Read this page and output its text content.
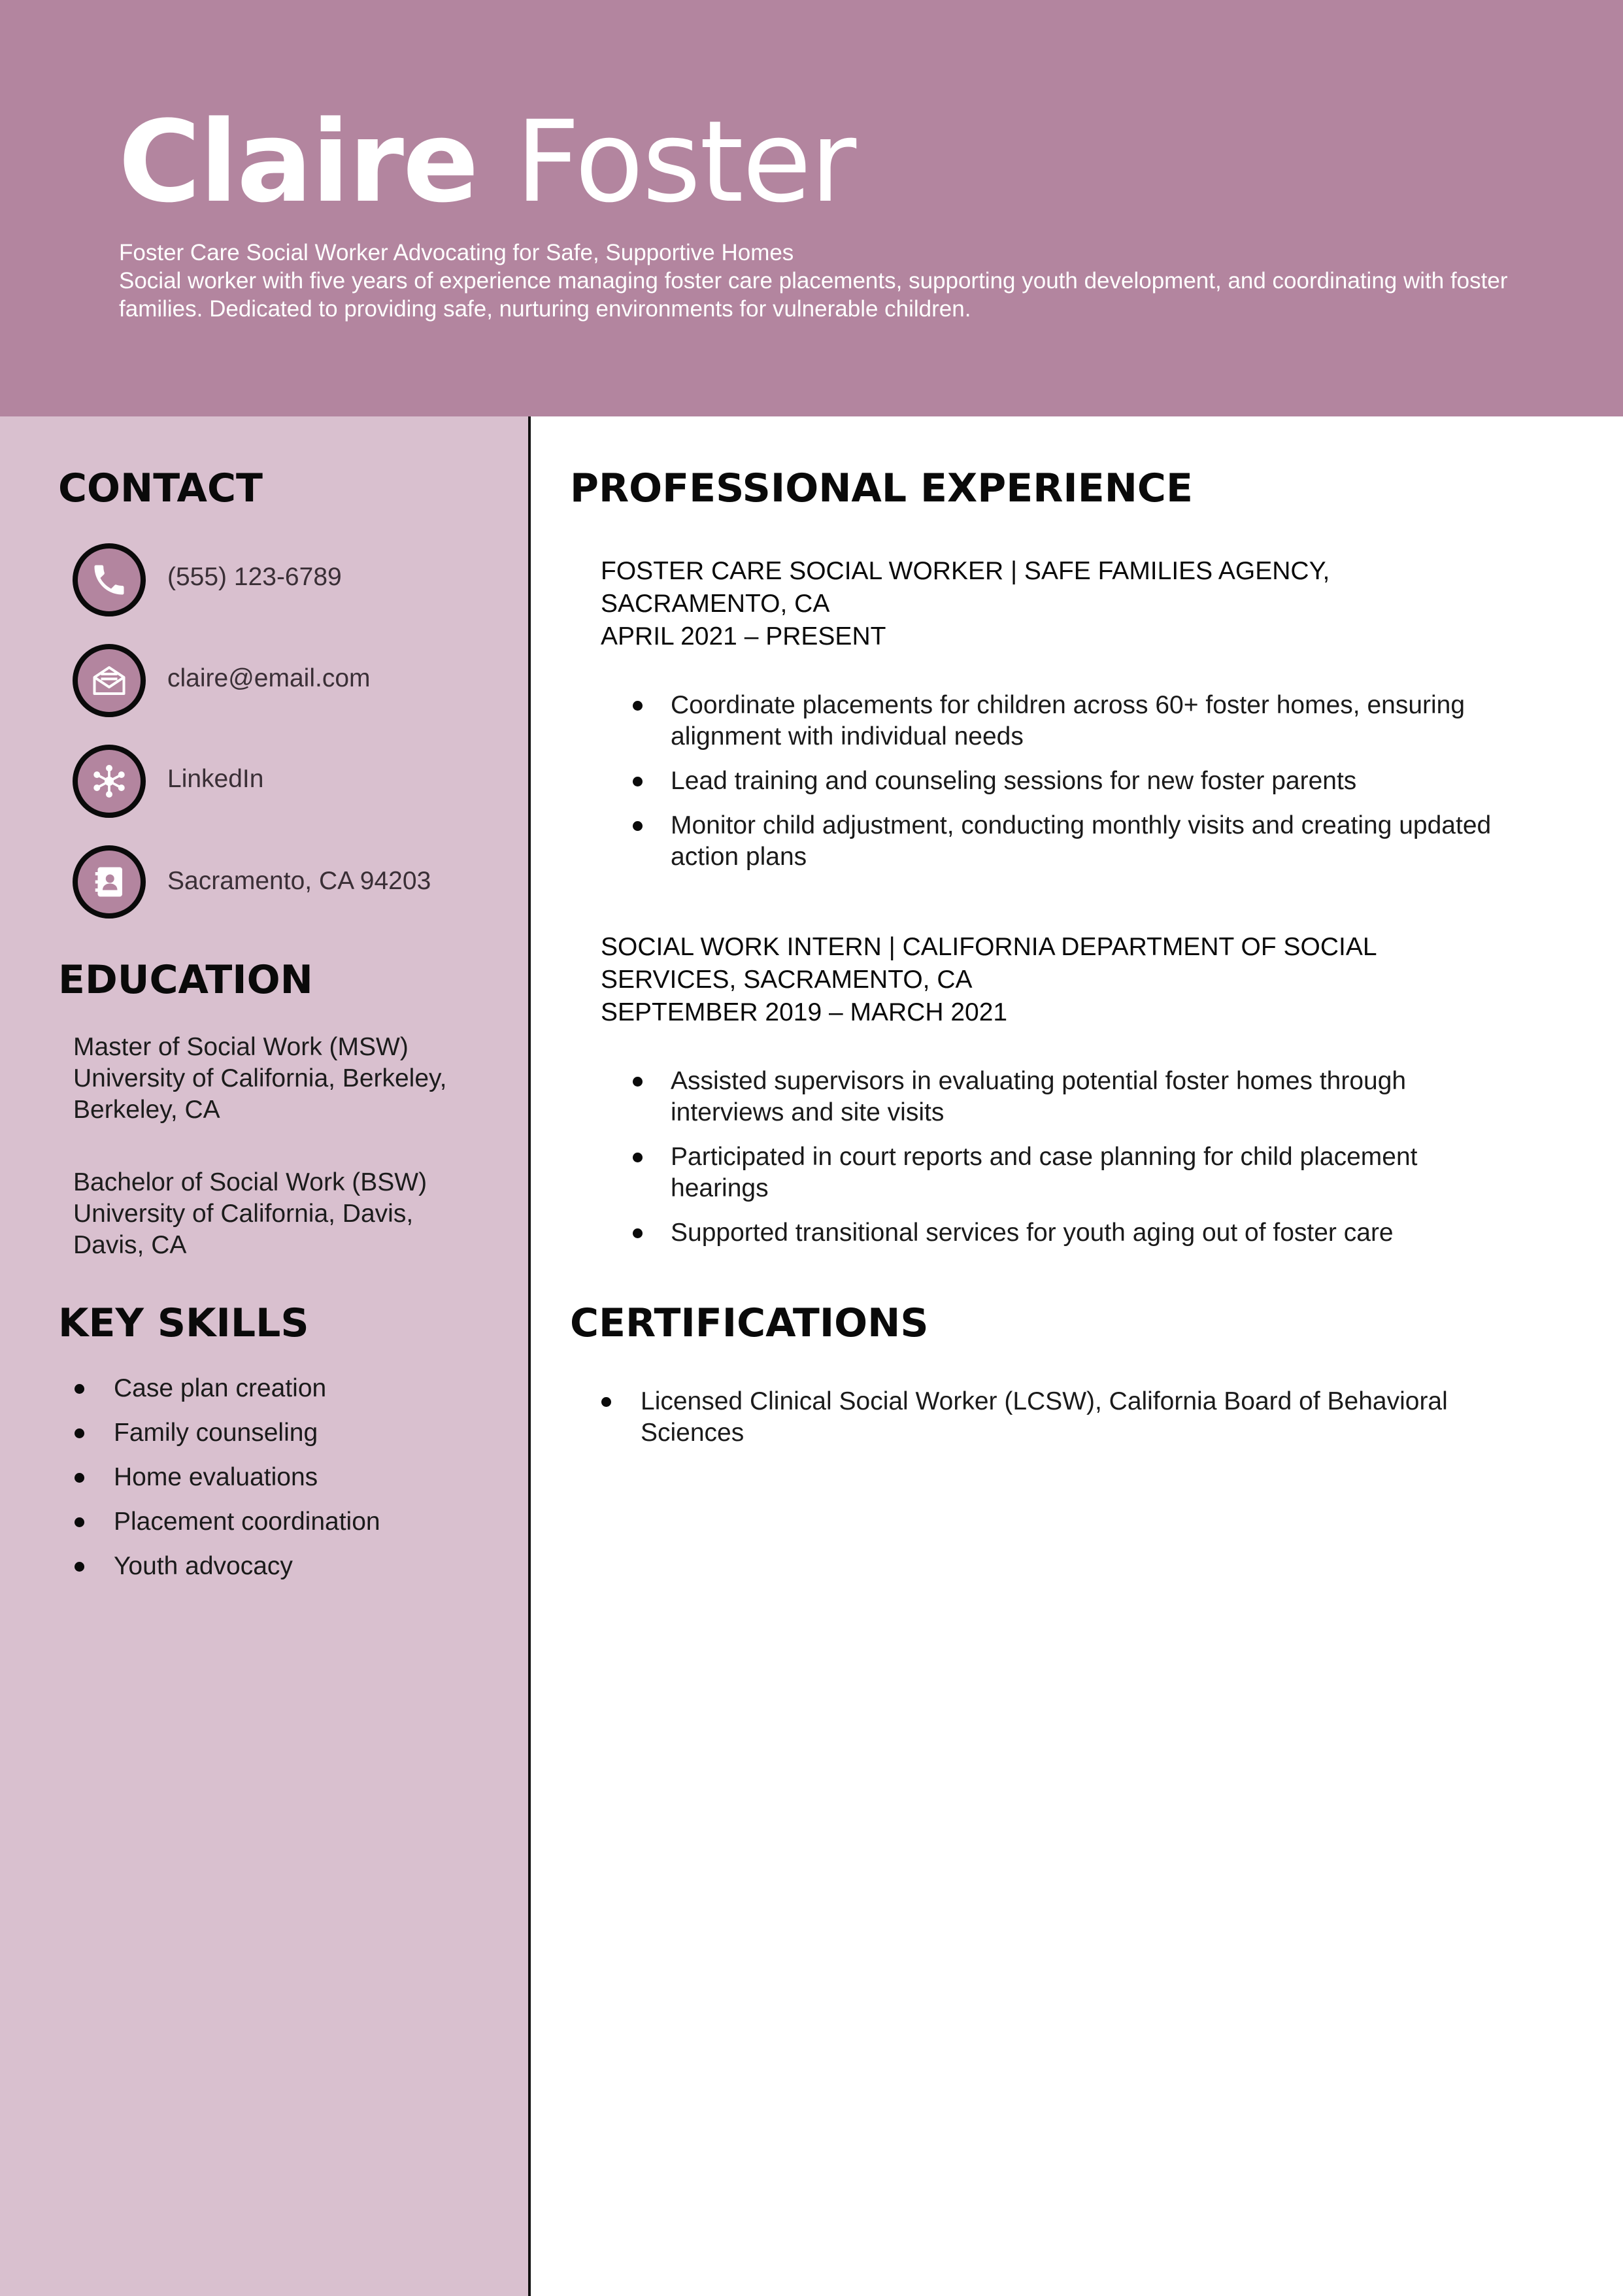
Claire Foster
Foster Care Social Worker Advocating for Safe, Supportive Homes
Social worker with five years of experience managing foster care placements, supporting youth development, and coordinating with foster families. Dedicated to providing safe, nurturing environments for vulnerable children.
CONTACT
(555) 123-6789
claire@email.com
LinkedIn
Sacramento, CA 94203
EDUCATION
Master of Social Work (MSW)
University of California, Berkeley,
Berkeley, CA
Bachelor of Social Work (BSW)
University of California, Davis,
Davis, CA
KEY SKILLS
Case plan creation
Family counseling
Home evaluations
Placement coordination
Youth advocacy
PROFESSIONAL EXPERIENCE
FOSTER CARE SOCIAL WORKER | SAFE FAMILIES AGENCY, SACRAMENTO, CA
APRIL 2021 – PRESENT
Coordinate placements for children across 60+ foster homes, ensuring alignment with individual needs
Lead training and counseling sessions for new foster parents
Monitor child adjustment, conducting monthly visits and creating updated action plans
SOCIAL WORK INTERN | CALIFORNIA DEPARTMENT OF SOCIAL SERVICES, SACRAMENTO, CA
SEPTEMBER 2019 – MARCH 2021
Assisted supervisors in evaluating potential foster homes through interviews and site visits
Participated in court reports and case planning for child placement hearings
Supported transitional services for youth aging out of foster care
CERTIFICATIONS
Licensed Clinical Social Worker (LCSW), California Board of Behavioral Sciences
